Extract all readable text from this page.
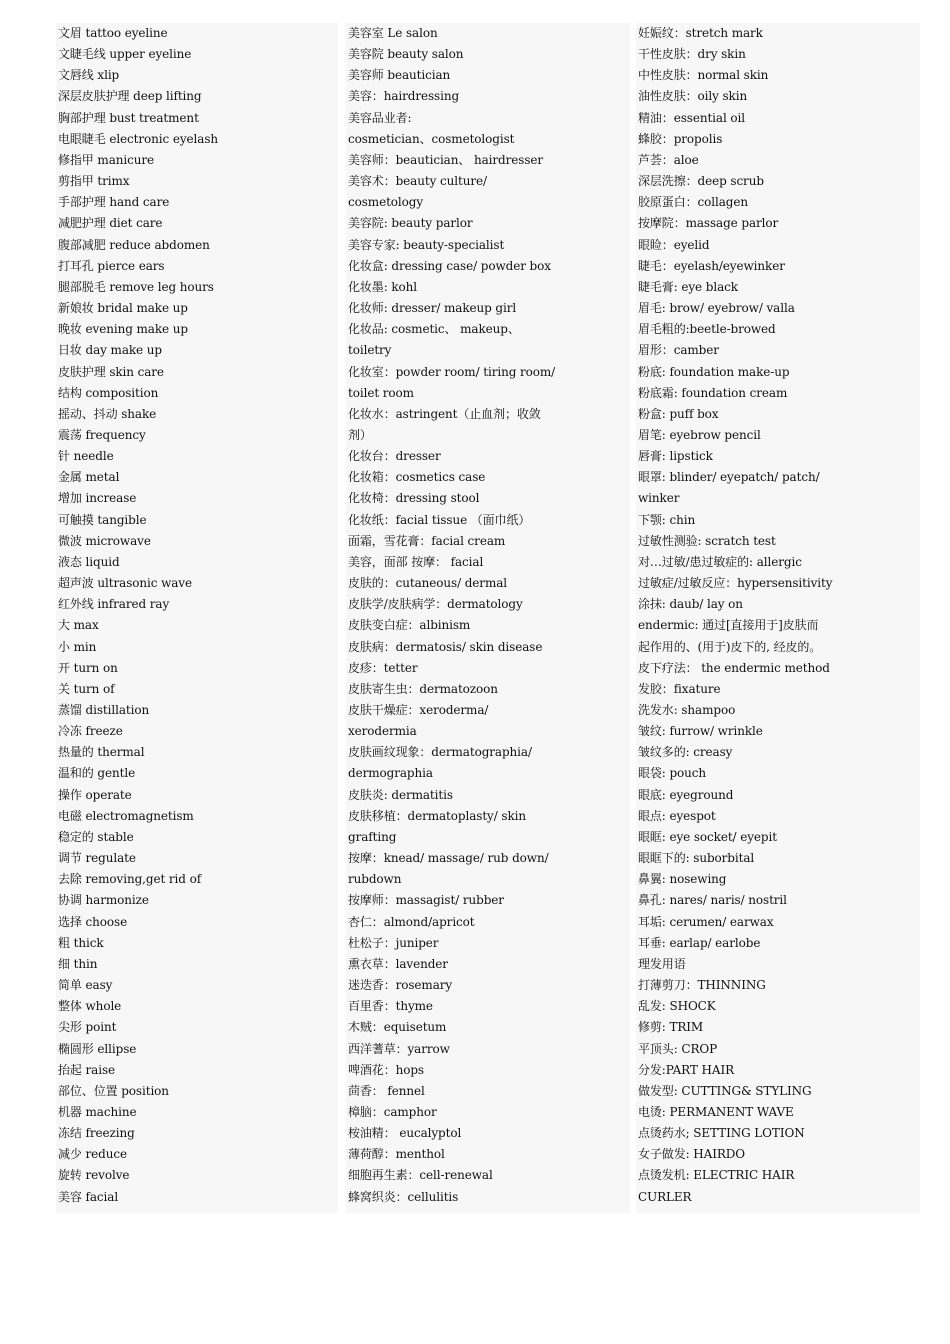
文眉 tattoo eyeline
文睫毛线 upper eyeline
文唇线 xlip
深层皮肤护理 deep lifting
胸部护理 bust treatment
电眼睫毛 electronic eyelash
修指甲 manicure
剪指甲 trimx
手部护理 hand care
减肥护理 diet care
腹部减肥 reduce abdomen
打耳孔 pierce ears
腿部脱毛 remove leg hours
新娘妆 bridal make up
晚妆 evening make up
日妆 day make up
皮肤护理 skin care
结构 composition
摇动、抖动 shake
震荡 frequency
针 needle
金属 metal
增加 increase
可触摸 tangible
微波 microwave
液态 liquid
超声波 ultrasonic wave
红外线 infrared ray
大 max
小 min
开 turn on
关 turn of
蒸馏 distillation
冷冻 freeze
热量的 thermal
温和的 gentle
操作 operate
电磁 electromagnetism
稳定的 stable
调节 regulate
去除 removing,get rid of
协调 harmonize
选择 choose
粗 thick
细 thin
简单 easy
整体 whole
尖形 point
椭圆形 ellipse
抬起 raise
部位、位置 position
机器 machine
冻结 freezing
减少 reduce
旋转 revolve
美容 facial
美容室 Le salon
美容院 beauty salon
美容师 beautician
美容：hairdressing
美容品业者:
cosmetician、cosmetologist
美容师：beautician、 hairdresser
美容术：beauty culture/
cosmetology
美容院: beauty parlor
美容专家: beauty-specialist
化妆盒: dressing case/ powder box
化妆墨: kohl
化妆师: dresser/ makeup girl
化妆品: cosmetic、 makeup、
toiletry
化妆室：powder room/ tiring room/
toilet room
化妆水：astringent（止血剂；收敛
剂）
化妆台：dresser
化妆箱：cosmetics case
化妆椅：dressing stool
化妆纸：facial tissue （面巾纸）
面霜，雪花膏：facial cream
美容，面部 按摩： facial
皮肤的：cutaneous/ dermal
皮肤学/皮肤病学：dermatology
皮肤变白症：albinism
皮肤病：dermatosis/ skin disease
皮疹：tetter
皮肤寄生虫：dermatozoon
皮肤干燥症：xeroderma/
xerodermia
皮肤画纹现象：dermatographia/
dermographia
皮肤炎: dermatitis
皮肤移植：dermatoplasty/ skin
grafting
按摩：knead/ massage/ rub down/
rubdown
按摩师：massagist/ rubber
杏仁：almond/apricot
杜松子：juniper
熏衣草：lavender
迷迭香：rosemary
百里香：thyme
木贼：equisetum
西洋蓍草：yarrow
啤酒花：hops
茴香： fennel
樟脑：camphor
桉油精： eucalyptol
薄荷醇：menthol
细胞再生素：cell-renewal
蜂窝织炎：cellulitis
妊娠纹：stretch mark
干性皮肤：dry skin
中性皮肤：normal skin
油性皮肤：oily skin
精油：essential oil
蜂胶：propolis
芦荟：aloe
深层洗擦：deep scrub
胶原蛋白：collagen
按摩院：massage parlor
眼睑：eyelid
睫毛：eyelash/eyewinker
睫毛膏: eye black
眉毛: brow/ eyebrow/ valla
眉毛粗的:beetle-browed
眉形：camber
粉底: foundation make-up
粉底霜: foundation cream
粉盒: puff box
眉笔: eyebrow pencil
唇膏: lipstick
眼罩: blinder/ eyepatch/ patch/
winker
下颚: chin
过敏性测验: scratch test
对…过敏/患过敏症的: allergic
过敏症/过敏反应：hypersensitivity
涂抹: daub/ lay on
endermic: 通过[直接用于]皮肤而
起作用的、(用于)皮下的, 经皮的。
皮下疗法： the endermic method
发胶：fixature
洗发水: shampoo
皱纹: furrow/ wrinkle
皱纹多的: creasy
眼袋: pouch
眼底: eyeground
眼点: eyespot
眼眶: eye socket/ eyepit
眼眶下的: suborbital
鼻翼: nosewing
鼻孔: nares/ naris/ nostril
耳垢: cerumen/ earwax
耳垂: earlap/ earlobe
理发用语
打薄剪刀：THINNING
乱发: SHOCK
修剪: TRIM
平顶头: CROP
分发:PART HAIR
做发型: CUTTING& STYLING
电烫: PERMANENT WAVE
点烫药水; SETTING LOTION
女子做发: HAIRDO
点烫发机: ELECTRIC HAIR
CURLER
